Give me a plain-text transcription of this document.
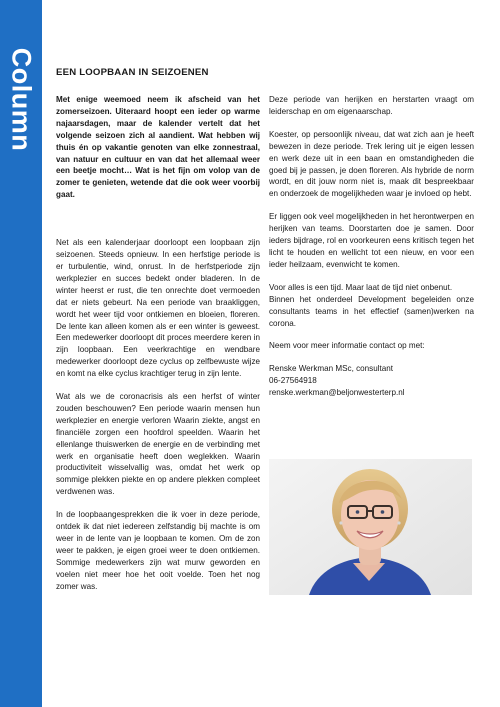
Column EEN LOOPBAAN IN SEIZOENEN

Met enige weemoed neem ik afscheid van het zomerseizoen. Uiteraard hoopt een ieder op warme najaarsdagen, maar de kalender vertelt dat het volgende seizoen zich al aandient. Wat hebben wij thuis én op vakantie genoten van elke zonnestraal, van natuur en cultuur en van dat het allemaal weer een beetje mocht… Wat is het fijn om volop van de zomer te genieten, wetende dat die ook weer voorbij gaat.

Net als een kalenderjaar doorloopt een loopbaan zijn seizoenen. Steeds opnieuw. In een herfstige periode is er turbulentie, wind, onrust. In de herfstperiode zijn werkplezier en succes bedekt onder bladeren. In de winter heerst er rust, die ten onrechte doet vermoeden dat er niets gebeurt. Na een periode van braakliggen, wordt het weer tijd voor ontkiemen en bloeien, floreren. De lente kan alleen komen als er een winter is geweest. Een medewerker doorloopt dit proces meerdere keren in zijn loopbaan. Een veerkrachtige en wendbare medewerker doorloopt deze cyclus op zelfbewuste wijze en komt na elke cyclus krachtiger terug in zijn lente.

Wat als we de coronacrisis als een herfst of winter zouden beschouwen? Een periode waarin mensen hun werkplezier en energie verloren Waarin ziekte, angst en financiële zorgen een hoofdrol speelden. Waarin het ellenlange thuiswerken de energie en de verbinding met werk en organisatie heeft doen weglekken. Waarin productiviteit wisselvallig was, omdat het werk op sommige plekken piekte en op andere plekken compleet verdwenen was.

In de loopbaangesprekken die ik voer in deze periode, ontdek ik dat niet iedereen zelfstandig bij machte is om weer in de lente van je loopbaan te komen. Om de zon weer te pakken, je eigen groei weer te doen ontkiemen. Sommige medewerkers zijn wat murw geworden en voelen niet meer hoe het ooit voelde. Toen het nog zomer was.

Deze periode van herijken en herstarten vraagt om leiderschap en om eigenaarschap.

Koester, op persoonlijk niveau, dat wat zich aan je heeft bewezen in deze periode. Trek lering uit je eigen lessen en werk deze uit in een baan en omstandigheden die goed bij je passen, je doen floreren. Als hybride de norm wordt, en dit jouw norm niet is, maak dit bespreekbaar en onderzoek de mogelijkheden waar je invloed op hebt.

Er liggen ook veel mogelijkheden in het herontwerpen en herijken van teams. Doorstarten doe je samen. Door ieders bijdrage, rol en voorkeuren eens kritisch tegen het licht te houden en wellicht tot een nieuw, en voor een ieder heilzaam, evenwicht te komen.

Voor alles is een tijd. Maar laat de tijd niet onbenut.
Binnen het onderdeel Development begeleiden onze consultants teams in het effectief (samen)werken na corona.

Neem voor meer informatie contact op met:

Renske Werkman MSc, consultant
06-27564918
renske.werkman@beljonwesterterp.nl
